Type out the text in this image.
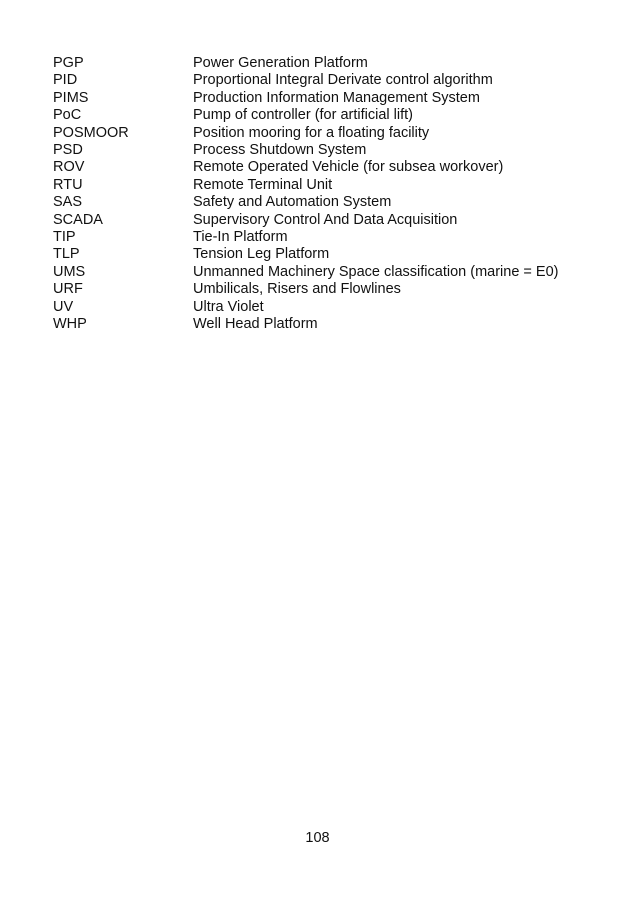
PGP	Power Generation Platform
PID	Proportional Integral Derivate control algorithm
PIMS	Production Information Management System
PoC	Pump of controller (for artificial lift)
POSMOOR	Position mooring for a floating facility
PSD	Process Shutdown System
ROV	Remote Operated Vehicle (for subsea workover)
RTU	Remote Terminal Unit
SAS	Safety and Automation System
SCADA	Supervisory Control And Data Acquisition
TIP	Tie-In Platform
TLP	Tension Leg Platform
UMS	Unmanned Machinery Space classification (marine = E0)
URF	Umbilicals, Risers and Flowlines
UV	Ultra Violet
WHP	Well Head Platform
108
